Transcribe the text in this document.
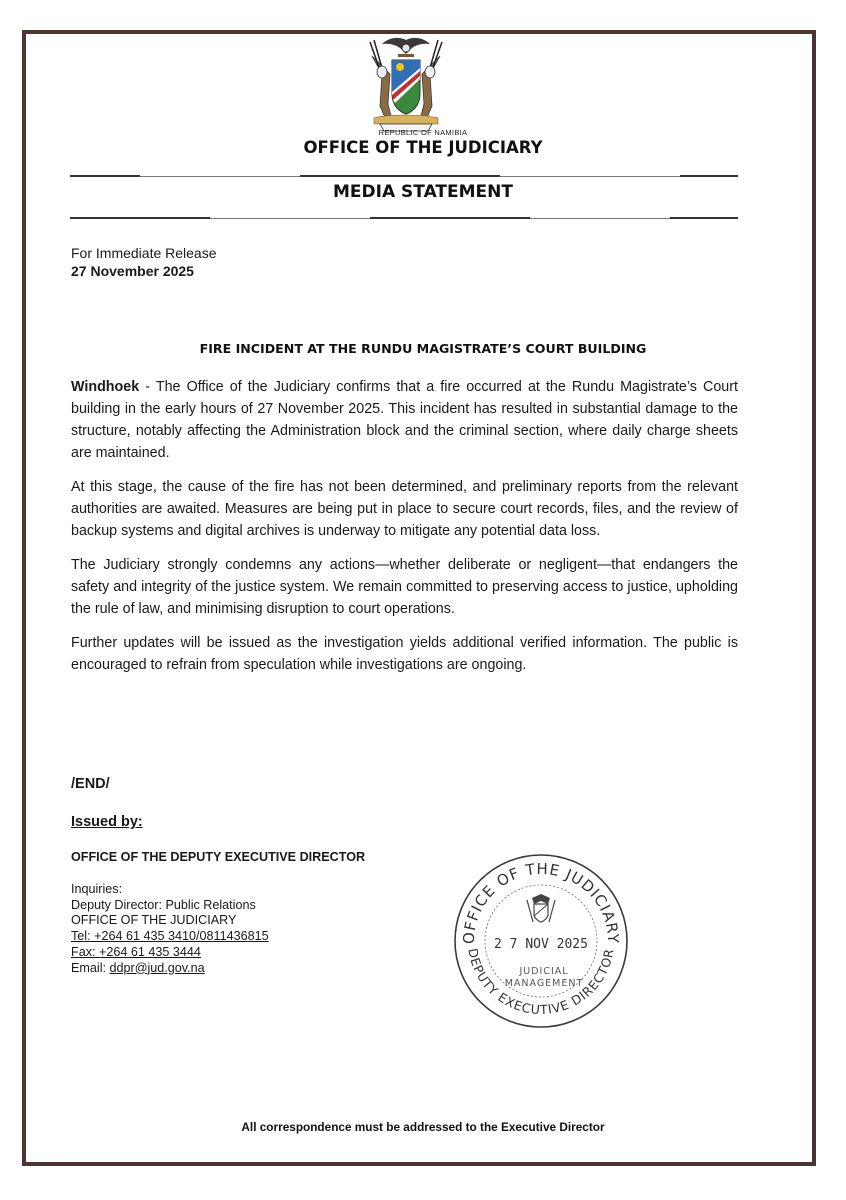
REPUBLIC OF NAMIBIA
OFFICE OF THE JUDICIARY
MEDIA STATEMENT
For Immediate Release
27 November 2025
FIRE INCIDENT AT THE RUNDU MAGISTRATE’S COURT BUILDING

Windhoek - The Office of the Judiciary confirms that a fire occurred at the Rundu Magistrate’s Court building in the early hours of 27 November 2025. This incident has resulted in substantial damage to the structure, notably affecting the Administration block and the criminal section, where daily charge sheets are maintained.

At this stage, the cause of the fire has not been determined, and preliminary reports from the relevant authorities are awaited. Measures are being put in place to secure court records, files, and the review of backup systems and digital archives is underway to mitigate any potential data loss.

The Judiciary strongly condemns any actions—whether deliberate or negligent—that endangers the safety and integrity of the justice system. We remain committed to preserving access to justice, upholding the rule of law, and minimising disruption to court operations.

Further updates will be issued as the investigation yields additional verified information. The public is encouraged to refrain from speculation while investigations are ongoing.

/END/
Issued by:
OFFICE OF THE DEPUTY EXECUTIVE DIRECTOR
Inquiries:
Deputy Director: Public Relations
OFFICE OF THE JUDICIARY
Tel: +264 61 435 3410/0811436815
Fax: +264 61 435 3444
Email: ddpr@jud.gov.na
OFFICE OF THE JUDICIARY
DEPUTY EXECUTIVE DIRECTOR
2 7 NOV 2025
JUDICIAL
MANAGEMENT
All correspondence must be addressed to the Executive Director
